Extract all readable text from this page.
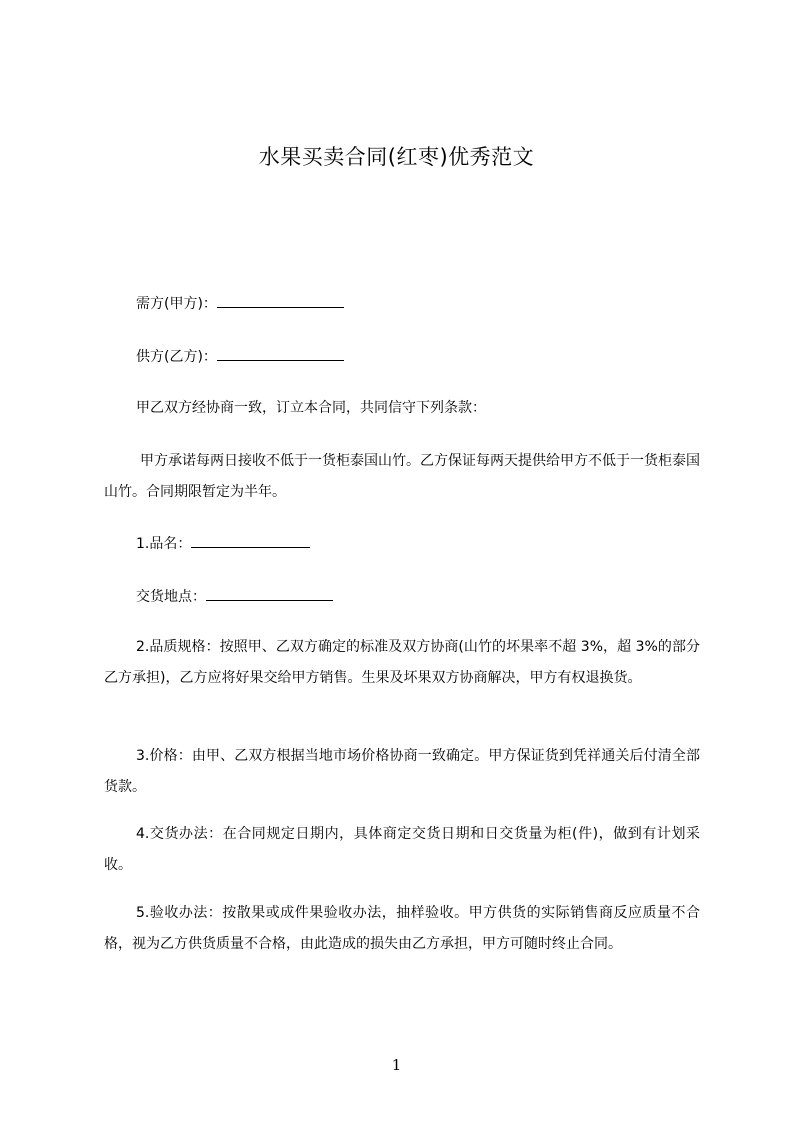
水果买卖合同(红枣)优秀范文
需方(甲方)：
供方(乙方)：
甲乙双方经协商一致，订立本合同，共同信守下列条款：
甲方承诺每两日接收不低于一货柜泰国山竹。乙方保证每两天提供给甲方不低于一货柜泰国山竹。合同期限暂定为半年。
1.品名：
交货地点：
2.品质规格：按照甲、乙双方确定的标准及双方协商(山竹的坏果率不超 3%，超 3%的部分乙方承担)，乙方应将好果交给甲方销售。生果及坏果双方协商解决，甲方有权退换货。
3.价格：由甲、乙双方根据当地市场价格协商一致确定。甲方保证货到凭祥通关后付清全部货款。
4.交货办法：在合同规定日期内，具体商定交货日期和日交货量为柜(件)，做到有计划采收。
5.验收办法：按散果或成件果验收办法，抽样验收。甲方供货的实际销售商反应质量不合格，视为乙方供货质量不合格，由此造成的损失由乙方承担，甲方可随时终止合同。
1
